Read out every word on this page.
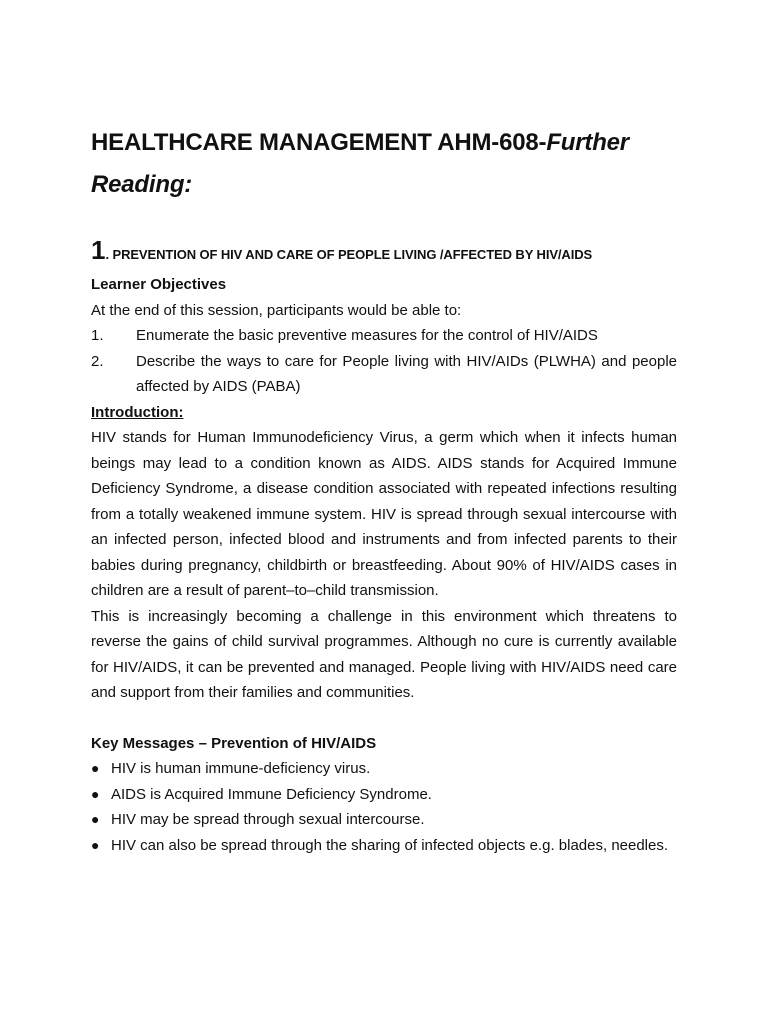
HEALTHCARE MANAGEMENT AHM-608-Further Reading:
1. PREVENTION OF HIV AND CARE OF PEOPLE LIVING /AFFECTED BY HIV/AIDS

Learner Objectives

At the end of this session, participants would be able to:

1.	Enumerate the basic preventive measures for the control of HIV/AIDS
2.	Describe the ways to care for People living with HIV/AIDs (PLWHA) and people affected by AIDS (PABA)

Introduction:

HIV stands for Human Immunodeficiency Virus, a germ which when it infects human beings may lead to a condition known as AIDS. AIDS stands for Acquired Immune Deficiency Syndrome, a disease condition associated with repeated infections resulting from a totally weakened immune system. HIV is spread through sexual intercourse with an infected person, infected blood and instruments and from infected parents to their babies during pregnancy, childbirth or breastfeeding. About 90% of HIV/AIDS cases in children are a result of parent–to–child transmission.

This is increasingly becoming a challenge in this environment which threatens to reverse the gains of child survival programmes. Although no cure is currently available for HIV/AIDS, it can be prevented and managed. People living with HIV/AIDS need care and support from their families and communities.

Key Messages – Prevention of HIV/AIDS

● HIV is human immune-deficiency virus.
● AIDS is Acquired Immune Deficiency Syndrome.
● HIV may be spread through sexual intercourse.
● HIV can also be spread through the sharing of infected objects e.g. blades, needles.
